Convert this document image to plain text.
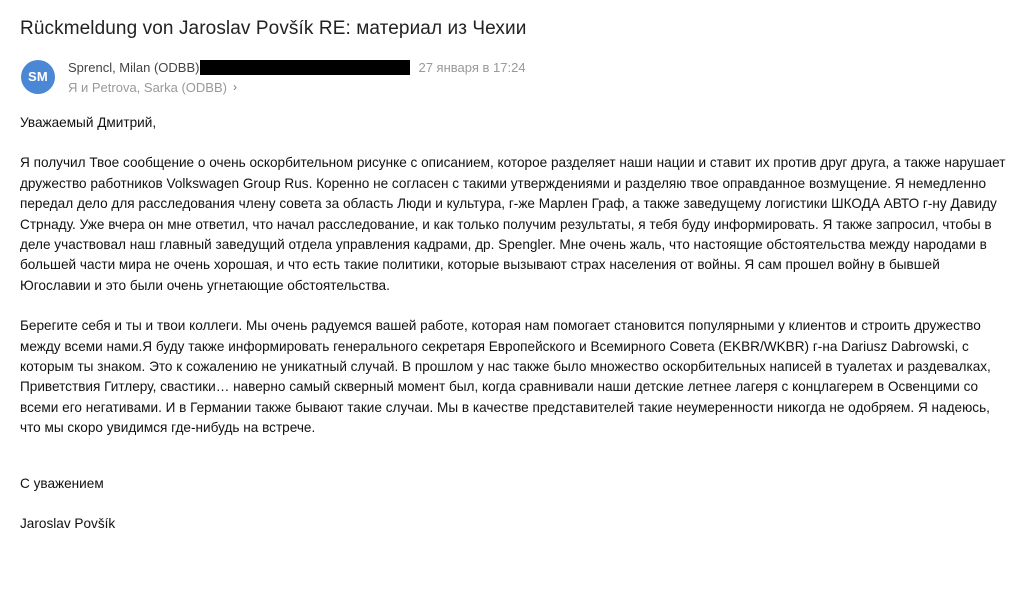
Rückmeldung von Jaroslav Povšík RE: материал из Чехии
SM
Sprencl, Milan (ODBB)	27 января в 17:24
Я и Petrova, Sarka (ODBB) ›

Уважаемый Дмитрий,

Я получил Твое сообщение о очень оскорбительном рисунке с описанием, которое разделяет наши нации и ставит их против друг друга, а также нарушает дружество работников Volkswagen Group Rus. Коренно не согласен с такими утверждениями и разделяю твое оправданное возмущение. Я немедленно передал дело для расследования члену совета за область Люди и культура, г-же Марлен Граф, а также заведущему логистики ШКОДА АВТО г-ну Давиду Стрнаду. Уже вчера он мне ответил, что начал расследование, и как только получим результаты, я тебя буду информировать. Я также запросил, чтобы в деле участвовал наш главный заведущий отдела управления кадрами, др. Spengler. Мне очень жаль, что настоящие обстоятельства между народами в большей части мира не очень хорошая, и что есть такие политики, которые вызывают страх населения от войны. Я сам прошел войну в бывшей Югославии и это были очень угнетающие обстоятельства.

Берегите себя и ты и твои коллеги. Мы очень радуемся вашей работе, которая нам помогает становится популярными у клиентов и строить дружество между всеми нами.Я буду также информировать генерального секретаря Европейского и Всемирного Совета (EKBR/WKBR) г-на Dariusz Dabrowski, с которым ты знаком. Это к сожалению не уникатный случай. В прошлом у нас также было множество оскорбительных написей в туалетах и раздевалках, Приветствия Гитлеру, свастики… наверно самый скверный момент был, когда сравнивали наши детские летнее лагеря с концлагерем в Освенцими со всеми его негативами. И в Германии также бывают такие случаи. Мы в качестве представителей такие неумеренности никогда не одобряем. Я надеюсь, что мы скоро увидимся где-нибудь на встрече.

С уважением

Jaroslav Povšík
